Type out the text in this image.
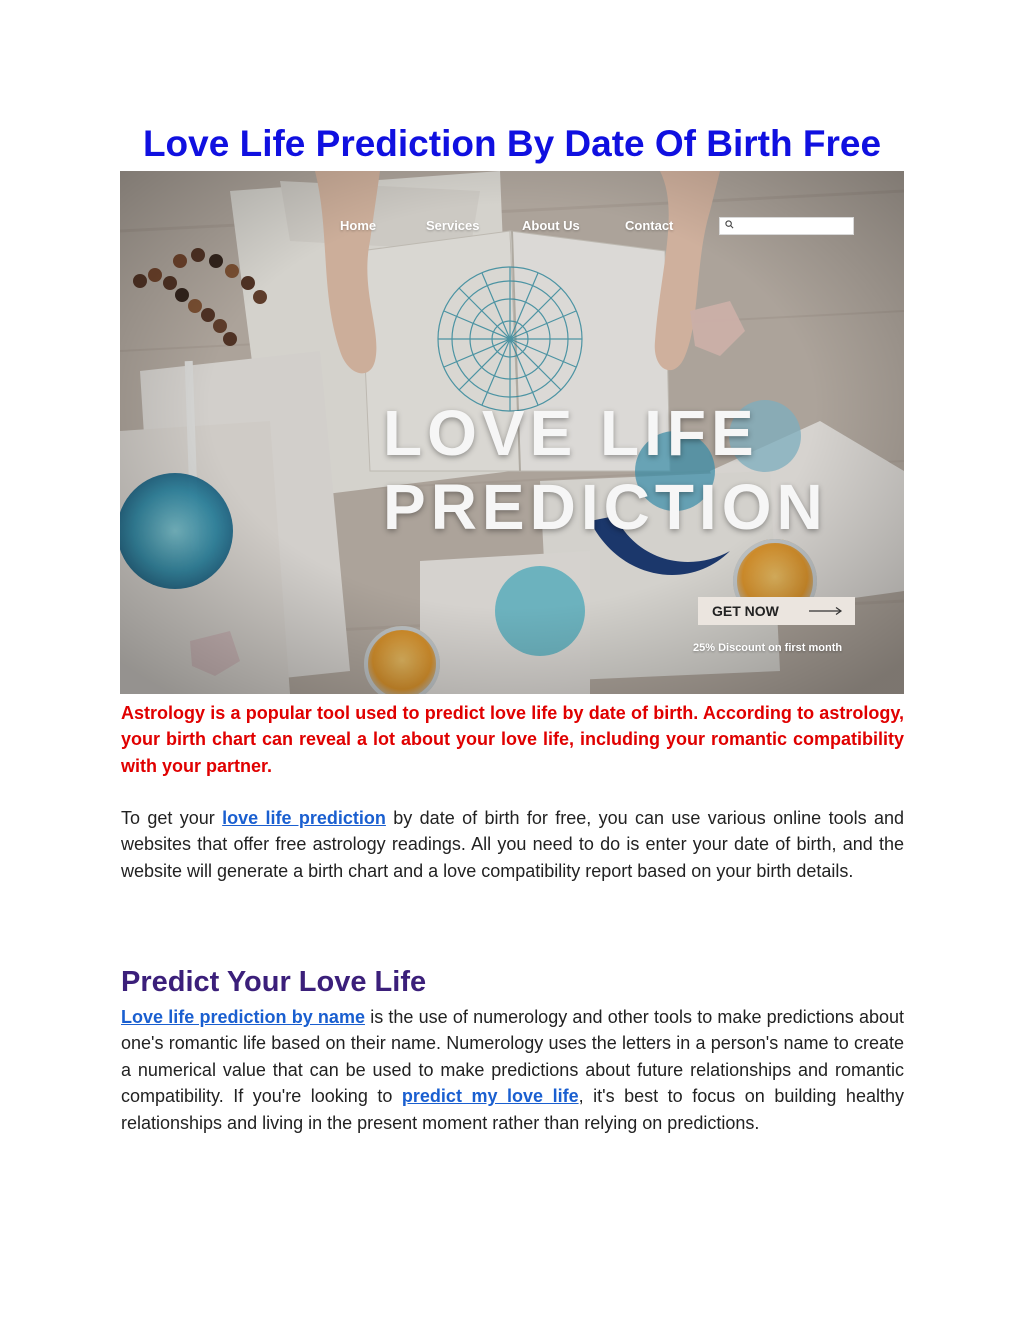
Love Life Prediction By Date Of Birth Free
Home	Services	About Us	Contact
LOVE LIFE
PREDICTION
GET NOW
25% Discount on first month

Astrology is a popular tool used to predict love life by date of birth. According to astrology, your birth chart can reveal a lot about your love life, including your romantic compatibility with your partner.

To get your love life prediction by date of birth for free, you can use various online tools and websites that offer free astrology readings. All you need to do is enter your date of birth, and the website will generate a birth chart and a love compatibility report based on your birth details.

Predict Your Love Life

Love life prediction by name is the use of numerology and other tools to make predictions about one's romantic life based on their name. Numerology uses the letters in a person's name to create a numerical value that can be used to make predictions about future relationships and romantic compatibility. If you're looking to predict my love life, it's best to focus on building healthy relationships and living in the present moment rather than relying on predictions.
